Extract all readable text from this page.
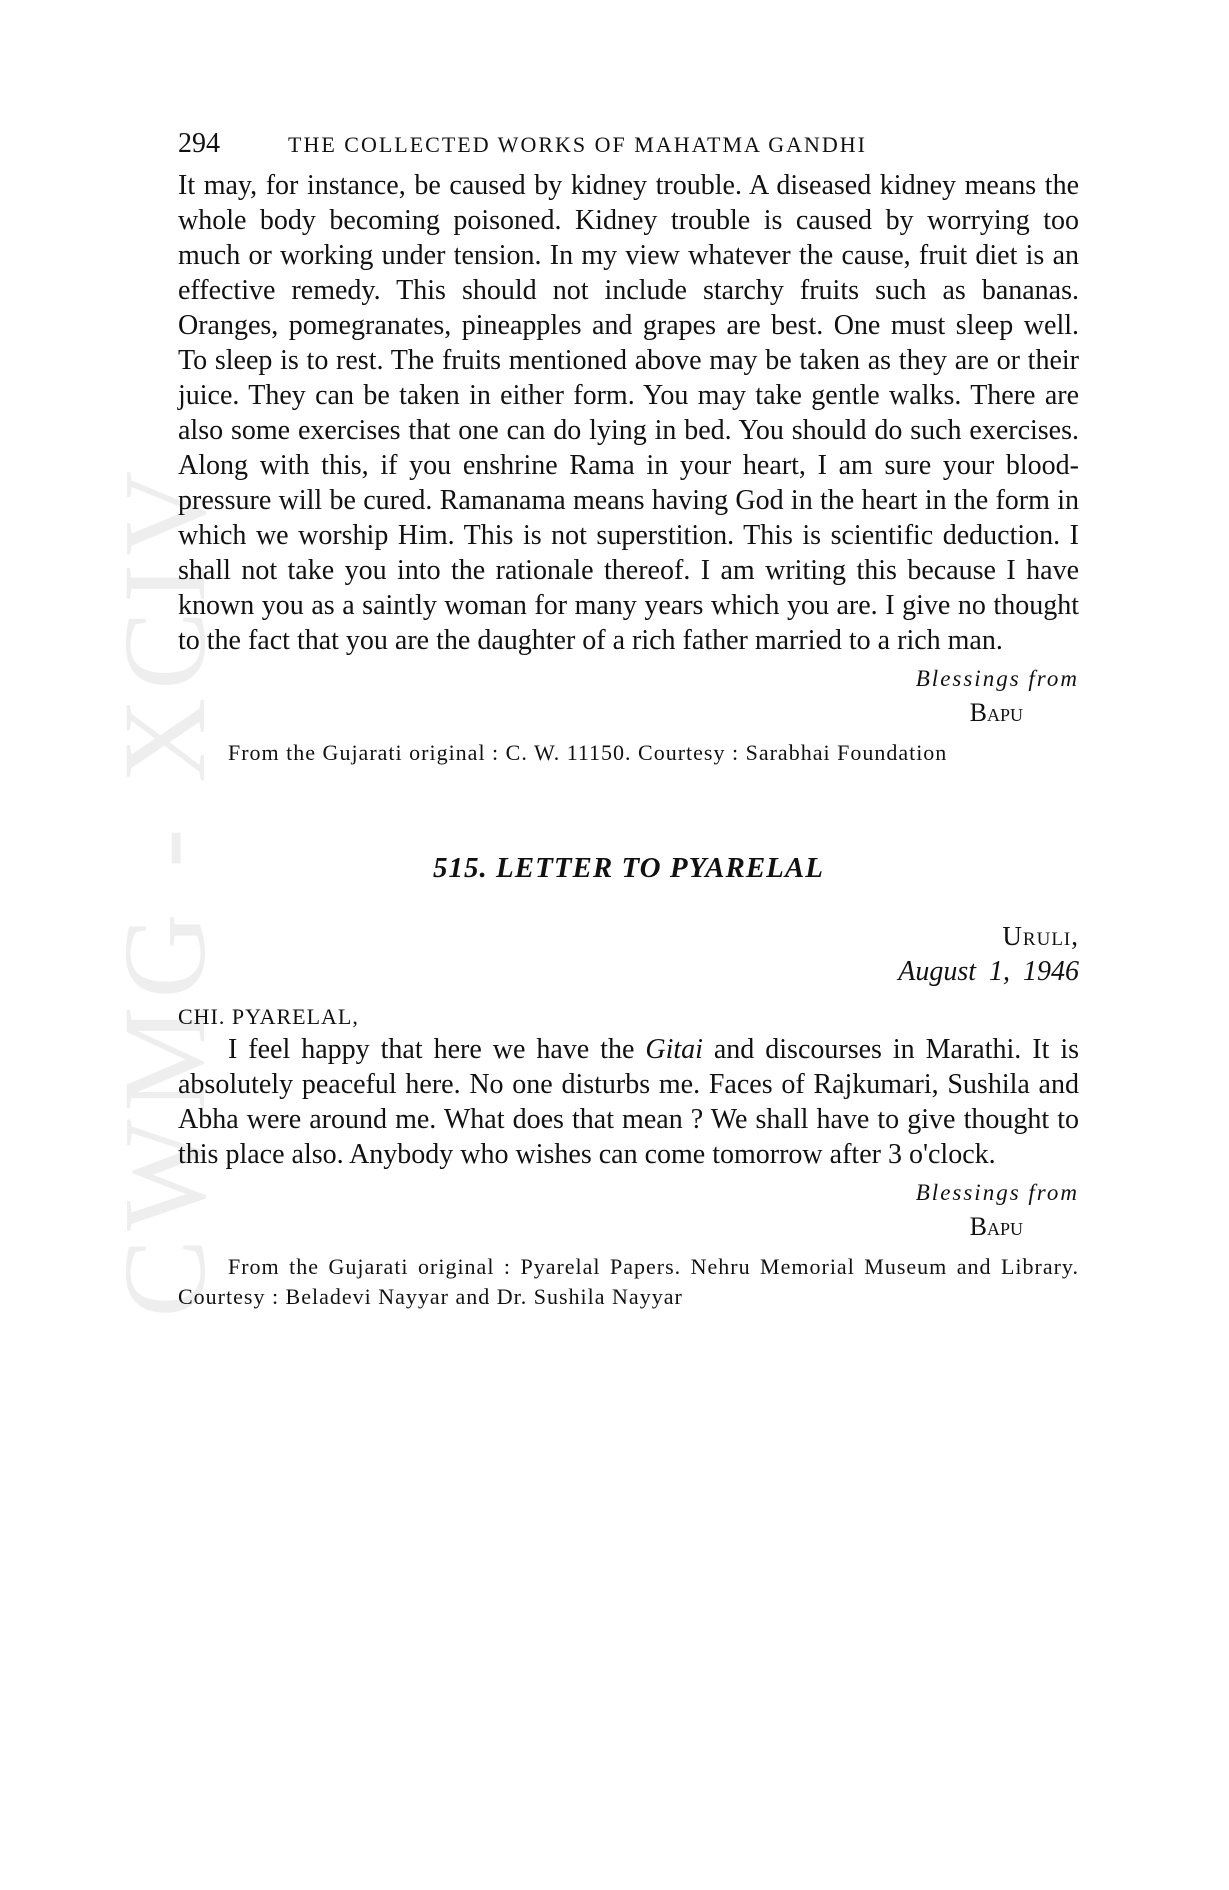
CWMG - XCIV
294	THE COLLECTED WORKS OF MAHATMA GANDHI

It may, for instance, be caused by kidney trouble. A diseased kidney means the whole body becoming poisoned. Kidney trouble is caused by worrying too much or working under tension. In my view whatever the cause, fruit diet is an effective remedy. This should not include starchy fruits such as bananas. Oranges, pomegranates, pineapples and grapes are best. One must sleep well. To sleep is to rest. The fruits mentioned above may be taken as they are or their juice. They can be taken in either form. You may take gentle walks. There are also some exercises that one can do lying in bed. You should do such exercises. Along with this, if you enshrine Rama in your heart, I am sure your blood-pressure will be cured. Ramanama means having God in the heart in the form in which we worship Him. This is not superstition. This is scientific deduction. I shall not take you into the rationale thereof. I am writing this because I have known you as a saintly woman for many years which you are. I give no thought to the fact that you are the daughter of a rich father married to a rich man.

Blessings from
Bapu

From the Gujarati original : C. W. 11150. Courtesy : Sarabhai Foundation

515. LETTER TO PYARELAL
Uruli,
August 1, 1946
CHI. PYARELAL,

I feel happy that here we have the Gitai and discourses in Marathi. It is absolutely peaceful here. No one disturbs me. Faces of Rajkumari, Sushila and Abha were around me. What does that mean ? We shall have to give thought to this place also. Anybody who wishes can come tomorrow after 3 o'clock.

Blessings from
Bapu

From the Gujarati original : Pyarelal Papers. Nehru Memorial Museum and Library. Courtesy : Beladevi Nayyar and Dr. Sushila Nayyar
